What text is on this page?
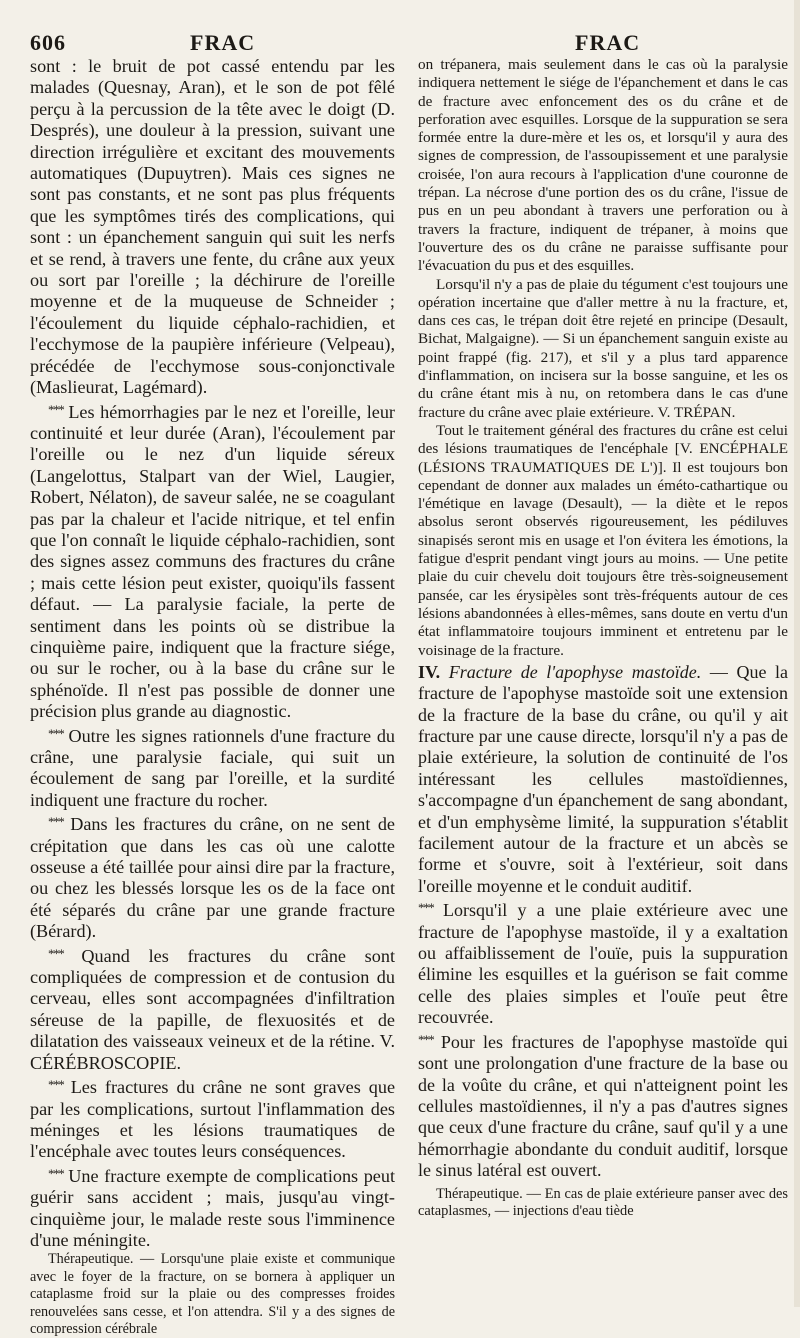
606	FRAC	FRAC

sont : le bruit de pot cassé entendu par les malades (Quesnay, Aran), et le son de pot fêlé perçu à la percussion de la tête avec le doigt (D. Després), une douleur à la pression, suivant une direction irrégulière et excitant des mouvements automatiques (Dupuytren). Mais ces signes ne sont pas constants, et ne sont pas plus fréquents que les symptômes tirés des complications, qui sont : un épanchement sanguin qui suit les nerfs et se rend, à travers une fente, du crâne aux yeux ou sort par l'oreille ; la déchirure de l'oreille moyenne et de la muqueuse de Schneider ; l'écoulement du liquide céphalo-rachidien, et l'ecchymose de la paupière inférieure (Velpeau), précédée de l'ecchymose sous-conjonctivale (Maslieurat, Lagémard).

* * * Les hémorrhagies par le nez et l'oreille, leur continuité et leur durée (Aran), l'écoulement par l'oreille ou le nez d'un liquide séreux (Langelottus, Stalpart van der Wiel, Laugier, Robert, Nélaton), de saveur salée, ne se coagulant pas par la chaleur et l'acide nitrique, et tel enfin que l'on connaît le liquide céphalo-rachidien, sont des signes assez communs des fractures du crâne ; mais cette lésion peut exister, quoiqu'ils fassent défaut. — La paralysie faciale, la perte de sentiment dans les points où se distribue la cinquième paire, indiquent que la fracture siége, ou sur le rocher, ou à la base du crâne sur le sphénoïde. Il n'est pas possible de donner une précision plus grande au diagnostic.

* * * Outre les signes rationnels d'une fracture du crâne, une paralysie faciale, qui suit un écoulement de sang par l'oreille, et la surdité indiquent une fracture du rocher.

* * * Dans les fractures du crâne, on ne sent de crépitation que dans les cas où une calotte osseuse a été taillée pour ainsi dire par la fracture, ou chez les blessés lorsque les os de la face ont été séparés du crâne par une grande fracture (Bérard).

* * * Quand les fractures du crâne sont compliquées de compression et de contusion du cerveau, elles sont accompagnées d'infiltration séreuse de la papille, de flexuosités et de dilatation des vaisseaux veineux et de la rétine. V. CÉRÉBROSCOPIE.

* * * Les fractures du crâne ne sont graves que par les complications, surtout l'inflammation des méninges et les lésions traumatiques de l'encéphale avec toutes leurs conséquences.

* * * Une fracture exempte de complications peut guérir sans accident ; mais, jusqu'au vingt-cinquième jour, le malade reste sous l'imminence d'une méningite.

Thérapeutique. — Lorsqu'une plaie existe et communique avec le foyer de la fracture, on se bornera à appliquer un cataplasme froid sur la plaie ou des compresses froides renouvelées sans cesse, et l'on attendra. S'il y a des signes de compression cérébrale

on trépanera, mais seulement dans le cas où la paralysie indiquera nettement le siége de l'épanchement et dans le cas de fracture avec enfoncement des os du crâne et de perforation avec esquilles. Lorsque de la suppuration se sera formée entre la dure-mère et les os, et lorsqu'il y aura des signes de compression, de l'assoupissement et une paralysie croisée, l'on aura recours à l'application d'une couronne de trépan. La nécrose d'une portion des os du crâne, l'issue de pus en un peu abondant à travers une perforation ou à travers la fracture, indiquent de trépaner, à moins que l'ouverture des os du crâne ne paraisse suffisante pour l'évacuation du pus et des esquilles.

Lorsqu'il n'y a pas de plaie du tégument c'est toujours une opération incertaine que d'aller mettre à nu la fracture, et, dans ces cas, le trépan doit être rejeté en principe (Desault, Bichat, Malgaigne). — Si un épanchement sanguin existe au point frappé (fig. 217), et s'il y a plus tard apparence d'inflammation, on incisera sur la bosse sanguine, et les os du crâne étant mis à nu, on retombera dans le cas d'une fracture du crâne avec plaie extérieure. V. TRÉPAN.

Tout le traitement général des fractures du crâne est celui des lésions traumatiques de l'encéphale [V. ENCÉPHALE (LÉSIONS TRAUMATIQUES DE L')]. Il est toujours bon cependant de donner aux malades un éméto-cathartique ou l'émétique en lavage (Desault), — la diète et le repos absolus seront observés rigoureusement, les pédiluves sinapisés seront mis en usage et l'on évitera les émotions, la fatigue d'esprit pendant vingt jours au moins. — Une petite plaie du cuir chevelu doit toujours être très-soigneusement pansée, car les érysipèles sont très-fréquents autour de ces lésions abandonnées à elles-mêmes, sans doute en vertu d'un état inflammatoire toujours imminent et entretenu par le voisinage de la fracture.

IV. Fracture de l'apophyse mastoïde. — Que la fracture de l'apophyse mastoïde soit une extension de la fracture de la base du crâne, ou qu'il y ait fracture par une cause directe, lorsqu'il n'y a pas de plaie extérieure, la solution de continuité de l'os intéressant les cellules mastoïdiennes, s'accompagne d'un épanchement de sang abondant, et d'un emphysème limité, la suppuration s'établit facilement autour de la fracture et un abcès se forme et s'ouvre, soit à l'extérieur, soit dans l'oreille moyenne et le conduit auditif.

* * * Lorsqu'il y a une plaie extérieure avec une fracture de l'apophyse mastoïde, il y a exaltation ou affaiblissement de l'ouïe, puis la suppuration élimine les esquilles et la guérison se fait comme celle des plaies simples et l'ouïe peut être recouvrée.

* * * Pour les fractures de l'apophyse mastoïde qui sont une prolongation d'une fracture de la base ou de la voûte du crâne, et qui n'atteignent point les cellules mastoïdiennes, il n'y a pas d'autres signes que ceux d'une fracture du crâne, sauf qu'il y a une hémorrhagie abondante du conduit auditif, lorsque le sinus latéral est ouvert.

Thérapeutique. — En cas de plaie extérieure panser avec des cataplasmes, — injections d'eau tiède
